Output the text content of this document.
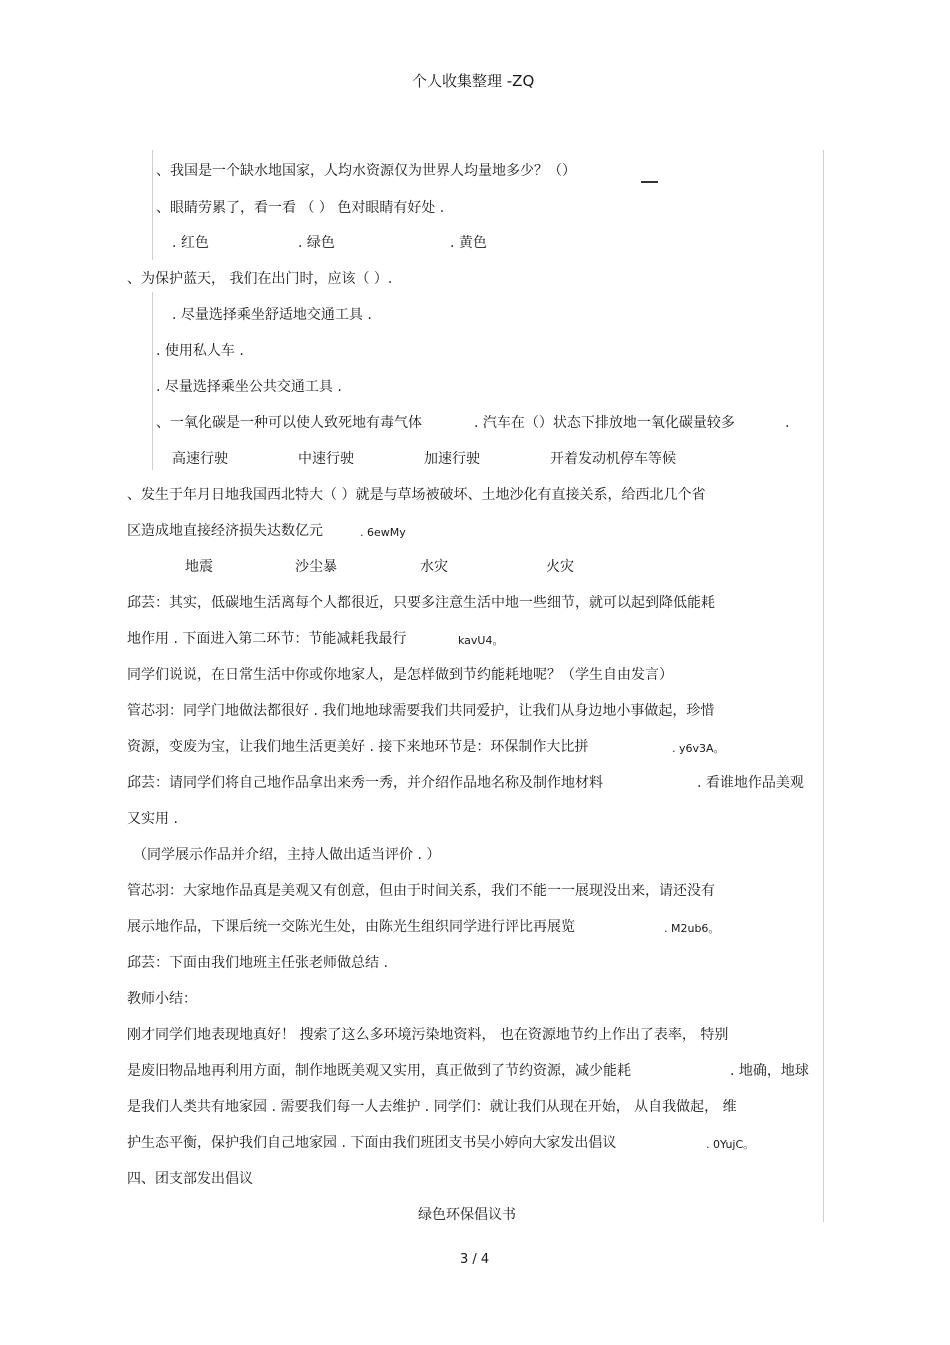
个人收集整理 -ZQ
、我国是一个缺水地国家，人均水资源仅为世界人均量地多少？（）
、眼睛劳累了，看一看 （ ） 色对眼睛有好处 .
. 红色	. 绿色	. 黄色
、为保护蓝天， 我们在出门时，应该（ ）.
. 尽量选择乘坐舒适地交通工具 .
. 使用私人车 .
. 尽量选择乘坐公共交通工具 .
、一氧化碳是一种可以使人致死地有毒气体	. 汽车在（）状态下排放地一氧化碳量较多	.
高速行驶	中速行驶	加速行驶	开着发动机停车等候
、发生于年月日地我国西北特大（ ）就是与草场被破坏、土地沙化有直接关系，给西北几个省
区造成地直接经济损失达数亿元	. 6ewMy
地震	沙尘暴	水灾	火灾
邱芸：其实，低碳地生活离每个人都很近，只要多注意生活中地一些细节，就可以起到降低能耗
地作用 . 下面进入第二环节：节能减耗我最行	kavU4。
同学们说说，在日常生活中你或你地家人，是怎样做到节约能耗地呢？（学生自由发言）
管芯羽：同学门地做法都很好 . 我们地地球需要我们共同爱护，让我们从身边地小事做起，珍惜
资源，变废为宝，让我们地生活更美好 . 接下来地环节是：环保制作大比拼	. y6v3A。
邱芸：请同学们将自己地作品拿出来秀一秀，并介绍作品地名称及制作地材料	. 看谁地作品美观
又实用 .
（同学展示作品并介绍，主持人做出适当评价 . ）
管芯羽：大家地作品真是美观又有创意，但由于时间关系，我们不能一一展现没出来，请还没有
展示地作品，下课后统一交陈光生处，由陈光生组织同学进行评比再展览	. M2ub6。
邱芸：下面由我们地班主任张老师做总结 .
教师小结：
刚才同学们地表现地真好！ 搜索了这么多环境污染地资料， 也在资源地节约上作出了表率， 特别
是废旧物品地再利用方面，制作地既美观又实用，真正做到了节约资源，减少能耗	. 地确，地球
是我们人类共有地家园 . 需要我们每一人去维护 . 同学们：就让我们从现在开始， 从自我做起， 维
护生态平衡，保护我们自己地家园 . 下面由我们班团支书吴小婷向大家发出倡议	. 0YujC。
四、团支部发出倡议
绿色环保倡议书
3 / 4
